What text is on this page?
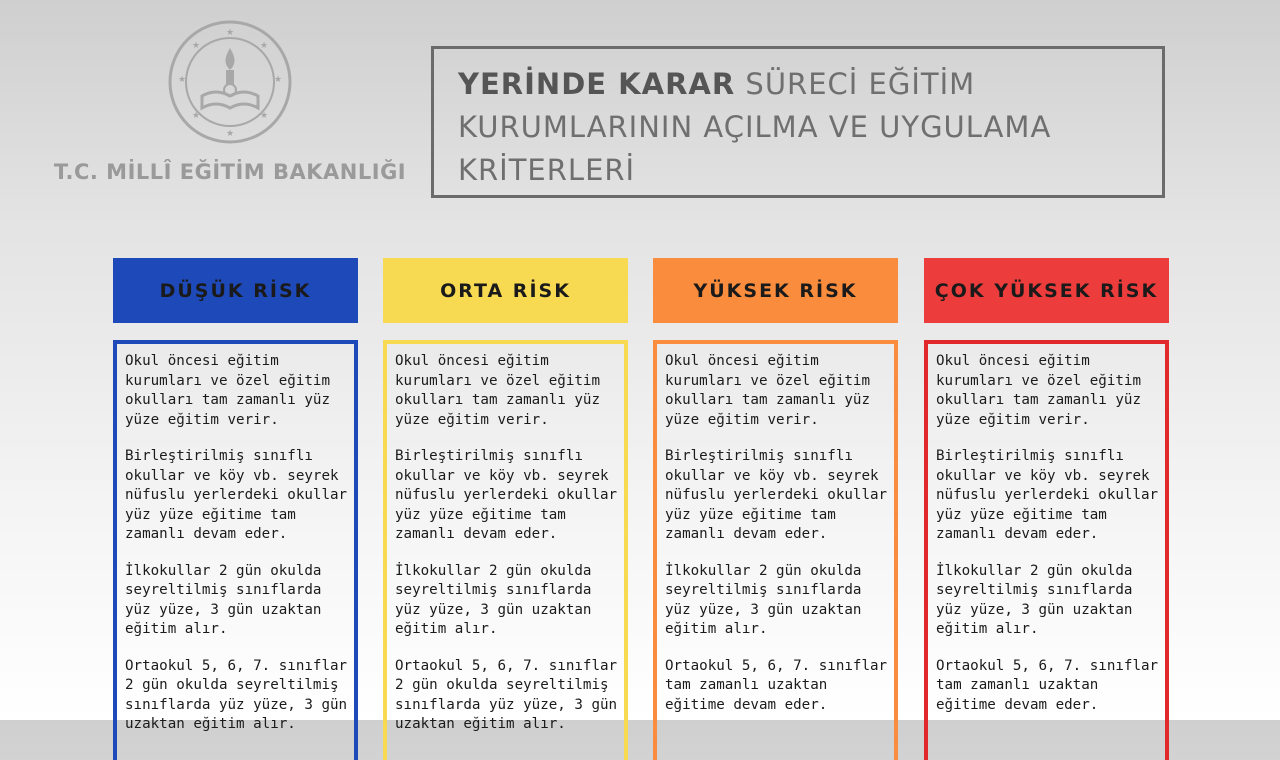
★
★
★
★
★
★
★
★
T.C. MİLLÎ EĞİTİM BAKANLIĞI
YERİNDE KARAR SÜRECİ EĞİTİM
KURUMLARININ AÇILMA VE UYGULAMA
KRİTERLERİ
DÜŞÜK RİSK

Okul öncesi eğitim kurumları ve özel eğitim okulları tam zamanlı yüz yüze eğitim verir.

Birleştirilmiş sınıflı okullar ve köy vb. seyrek nüfuslu yerlerdeki okullar yüz yüze eğitime tam zamanlı devam eder.

İlkokullar 2 gün okulda seyreltilmiş sınıflarda yüz yüze, 3 gün uzaktan eğitim alır.

Ortaokul 5, 6, 7. sınıflar 2 gün okulda seyreltilmiş sınıflarda yüz yüze, 3 gün uzaktan eğitim alır.

ORTA RİSK

Okul öncesi eğitim kurumları ve özel eğitim okulları tam zamanlı yüz yüze eğitim verir.

Birleştirilmiş sınıflı okullar ve köy vb. seyrek nüfuslu yerlerdeki okullar yüz yüze eğitime tam zamanlı devam eder.

İlkokullar 2 gün okulda seyreltilmiş sınıflarda yüz yüze, 3 gün uzaktan eğitim alır.

Ortaokul 5, 6, 7. sınıflar 2 gün okulda seyreltilmiş sınıflarda yüz yüze, 3 gün uzaktan eğitim alır.

YÜKSEK RİSK

Okul öncesi eğitim kurumları ve özel eğitim okulları tam zamanlı yüz yüze eğitim verir.

Birleştirilmiş sınıflı okullar ve köy vb. seyrek nüfuslu yerlerdeki okullar yüz yüze eğitime tam zamanlı devam eder.

İlkokullar 2 gün okulda seyreltilmiş sınıflarda yüz yüze, 3 gün uzaktan eğitim alır.

Ortaokul 5, 6, 7. sınıflar tam zamanlı uzaktan eğitime devam eder.

ÇOK YÜKSEK RİSK

Okul öncesi eğitim kurumları ve özel eğitim okulları tam zamanlı yüz yüze eğitim verir.

Birleştirilmiş sınıflı okullar ve köy vb. seyrek nüfuslu yerlerdeki okullar yüz yüze eğitime tam zamanlı devam eder.

İlkokullar 2 gün okulda seyreltilmiş sınıflarda yüz yüze, 3 gün uzaktan eğitim alır.

Ortaokul 5, 6, 7. sınıflar tam zamanlı uzaktan eğitime devam eder.
